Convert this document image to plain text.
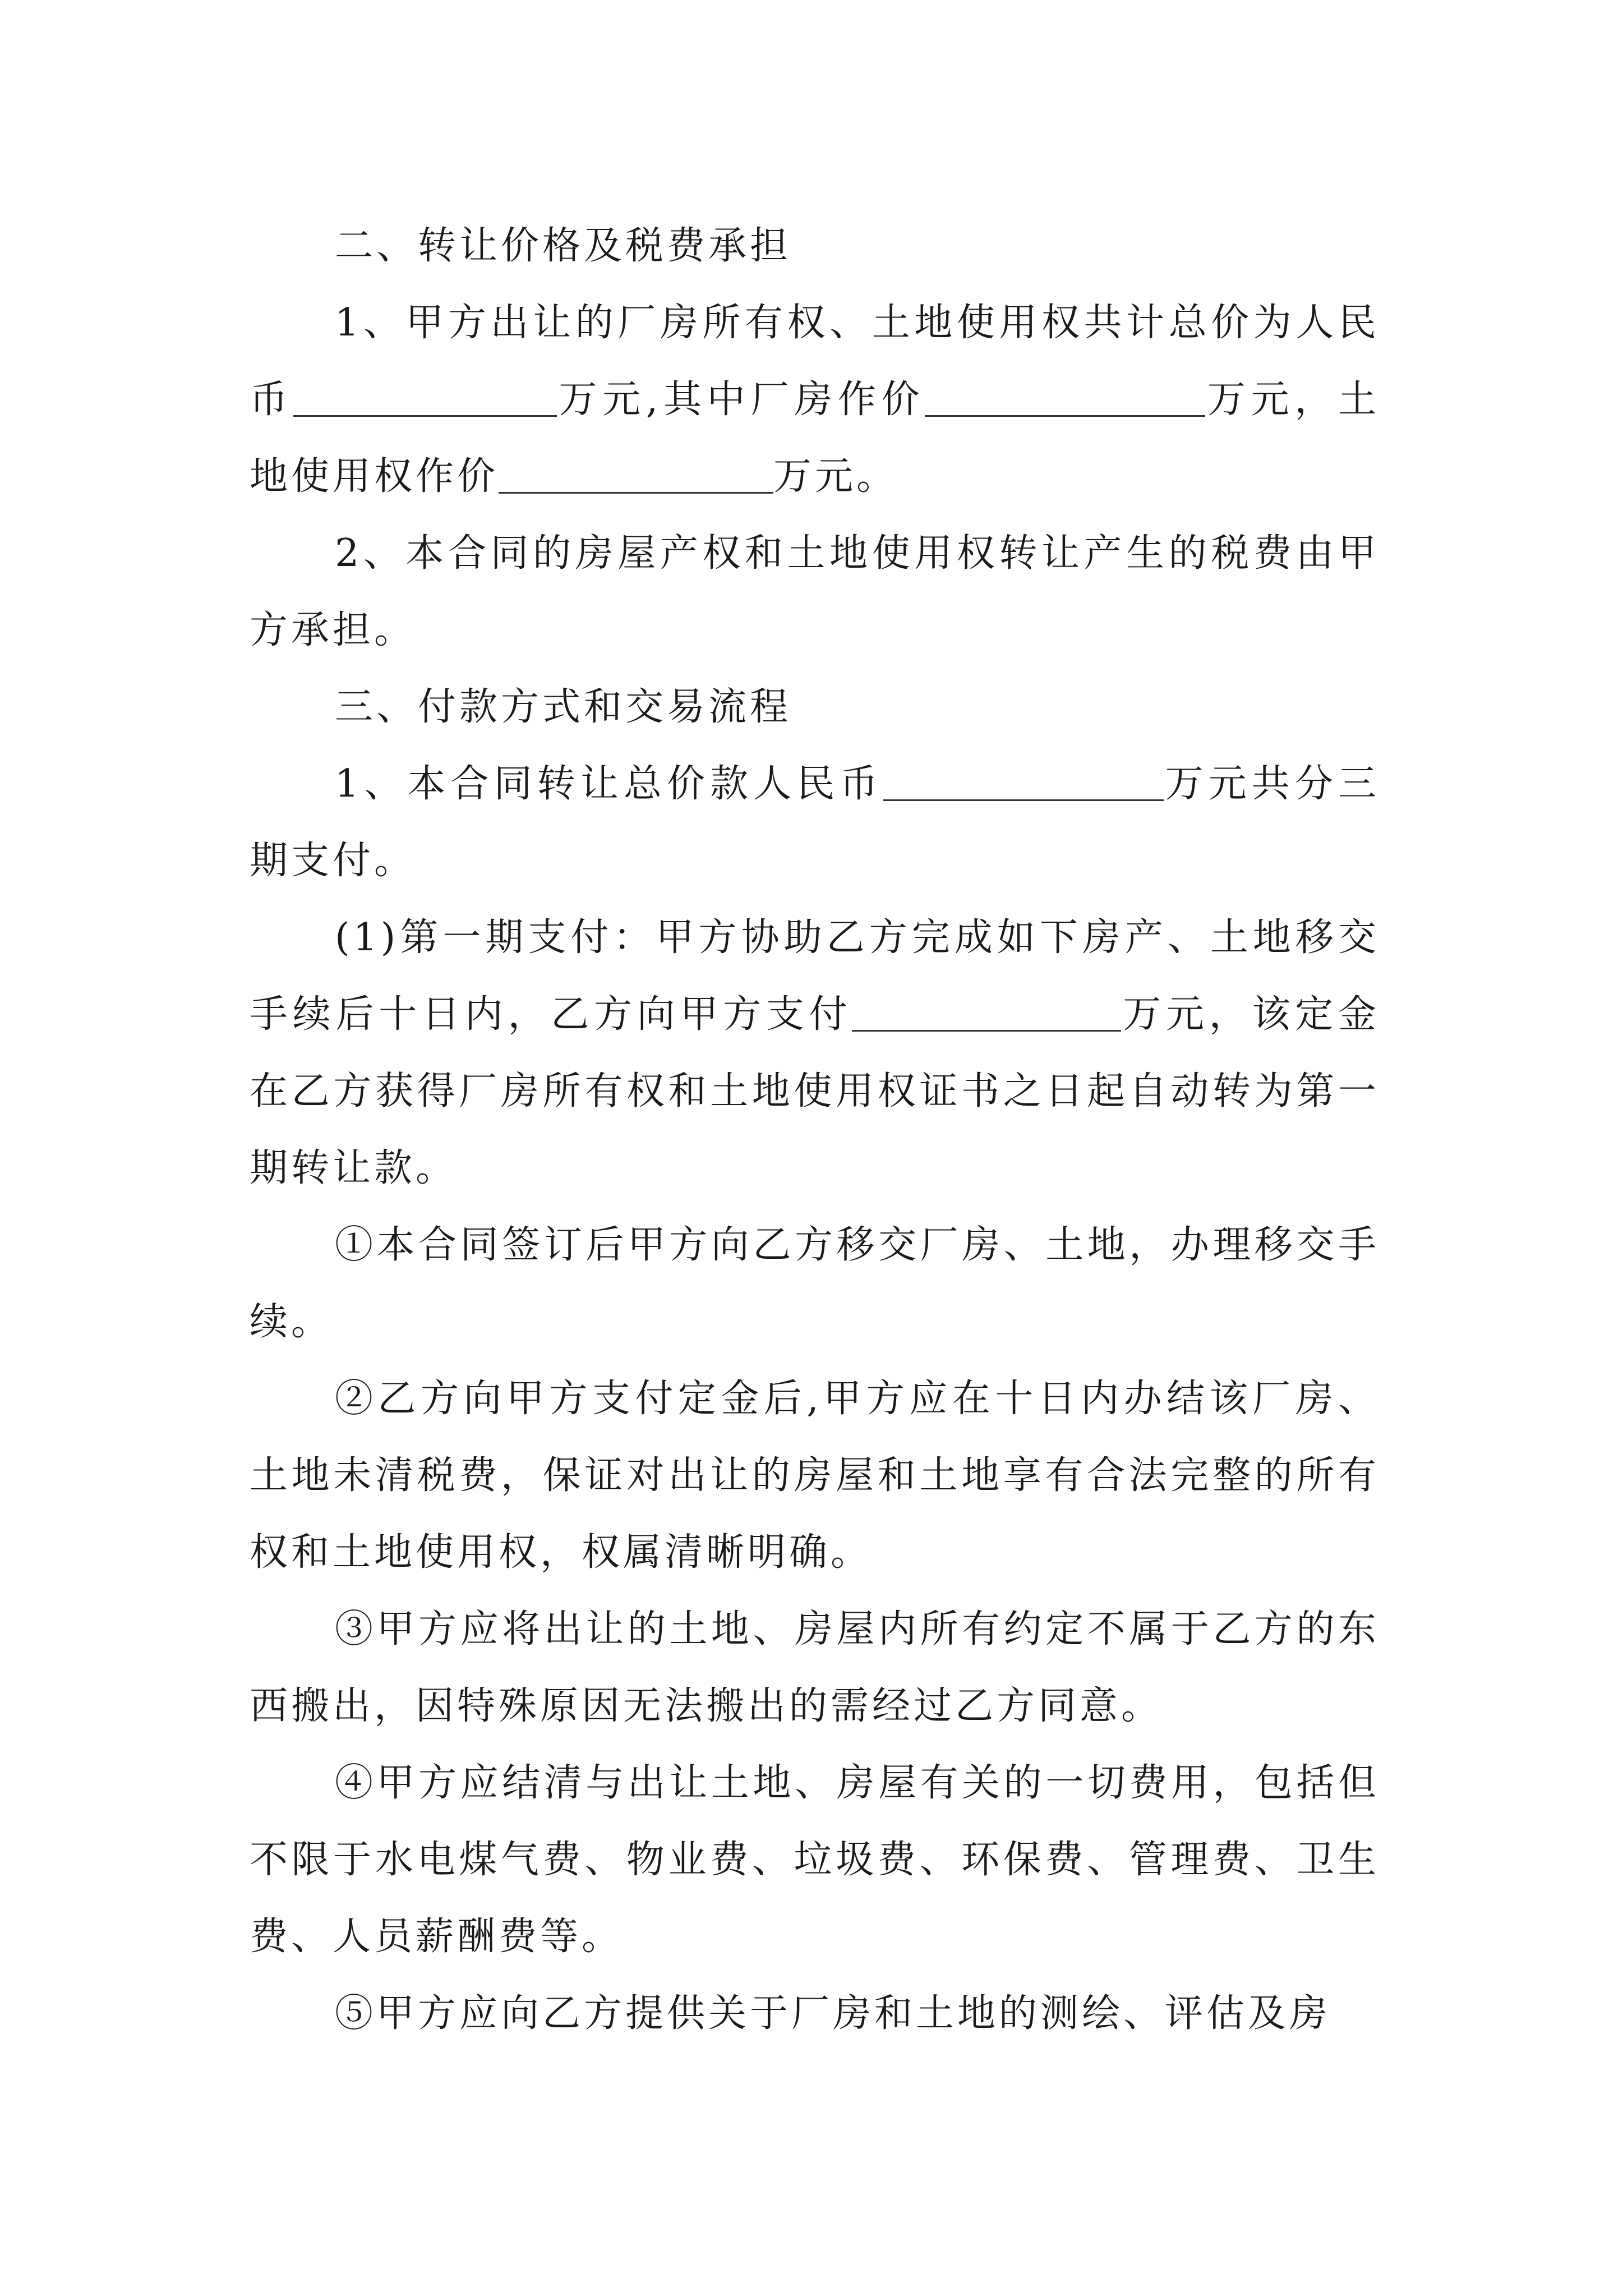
二、转让价格及税费承担

1、甲方出让的厂房所有权、土地使用权共计总价为人民币	万元,其中厂房作价	万元，土地使用权作价	万元。

2、本合同的房屋产权和土地使用权转让产生的税费由甲方承担。

三、付款方式和交易流程

1、本合同转让总价款人民币	万元共分三期支付。

(1)第一期支付：甲方协助乙方完成如下房产、土地移交手续后十日内，乙方向甲方支付	万元，该定金在乙方获得厂房所有权和土地使用权证书之日起自动转为第一期转让款。

①本合同签订后甲方向乙方移交厂房、土地，办理移交手续。

②乙方向甲方支付定金后,甲方应在十日内办结该厂房、土地未清税费，保证对出让的房屋和土地享有合法完整的所有权和土地使用权，权属清晰明确。

③甲方应将出让的土地、房屋内所有约定不属于乙方的东西搬出，因特殊原因无法搬出的需经过乙方同意。

④甲方应结清与出让土地、房屋有关的一切费用，包括但不限于水电煤气费、物业费、垃圾费、环保费、管理费、卫生费、人员薪酬费等。

⑤甲方应向乙方提供关于厂房和土地的测绘、评估及房
